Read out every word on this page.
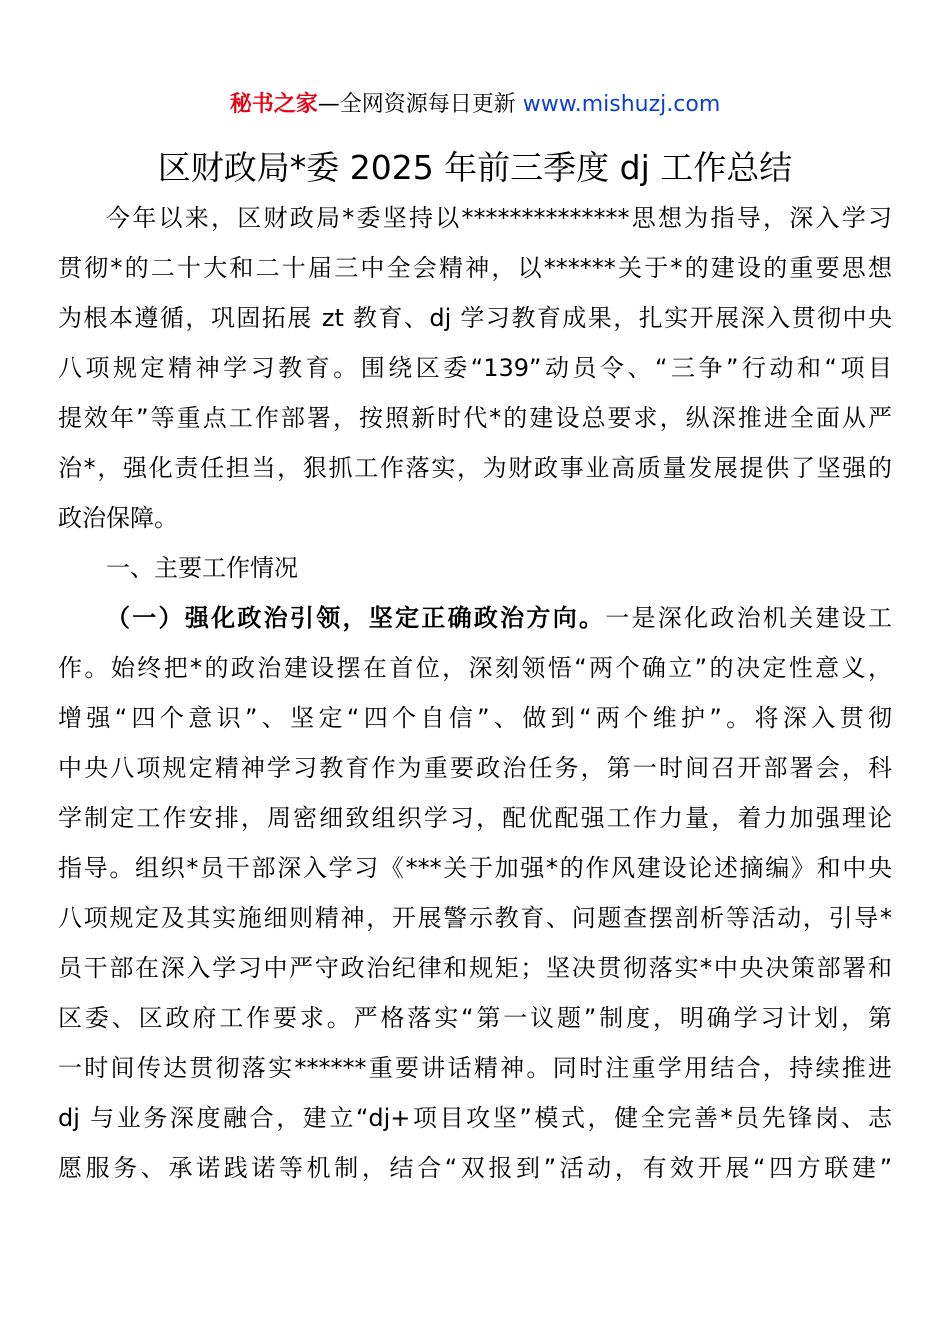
秘书之家—全网资源每日更新 www.mishuzj.com
区财政局*委 2025 年前三季度 dj 工作总结
今年以来，区财政局*委坚持以**************思想为指导，深入学习
贯彻*的二十大和二十届三中全会精神，以******关于*的建设的重要思想
为根本遵循，巩固拓展 zt 教育、dj 学习教育成果，扎实开展深入贯彻中央
八项规定精神学习教育。围绕区委“139”动员令、“三争”行动和“项目
提效年”等重点工作部署，按照新时代*的建设总要求，纵深推进全面从严
治*，强化责任担当，狠抓工作落实，为财政事业高质量发展提供了坚强的
政治保障。
一、主要工作情况
（一）强化政治引领，坚定正确政治方向。一是深化政治机关建设工
作。始终把*的政治建设摆在首位，深刻领悟“两个确立”的决定性意义，
增强“四个意识”、坚定“四个自信”、做到“两个维护”。将深入贯彻
中央八项规定精神学习教育作为重要政治任务，第一时间召开部署会，科
学制定工作安排，周密细致组织学习，配优配强工作力量，着力加强理论
指导。组织*员干部深入学习《***关于加强*的作风建设论述摘编》和中央
八项规定及其实施细则精神，开展警示教育、问题查摆剖析等活动，引导*
员干部在深入学习中严守政治纪律和规矩；坚决贯彻落实*中央决策部署和
区委、区政府工作要求。严格落实“第一议题”制度，明确学习计划，第
一时间传达贯彻落实******重要讲话精神。同时注重学用结合，持续推进
dj 与业务深度融合，建立“dj+项目攻坚”模式，健全完善*员先锋岗、志
愿服务、承诺践诺等机制，结合“双报到”活动，有效开展“四方联建”
